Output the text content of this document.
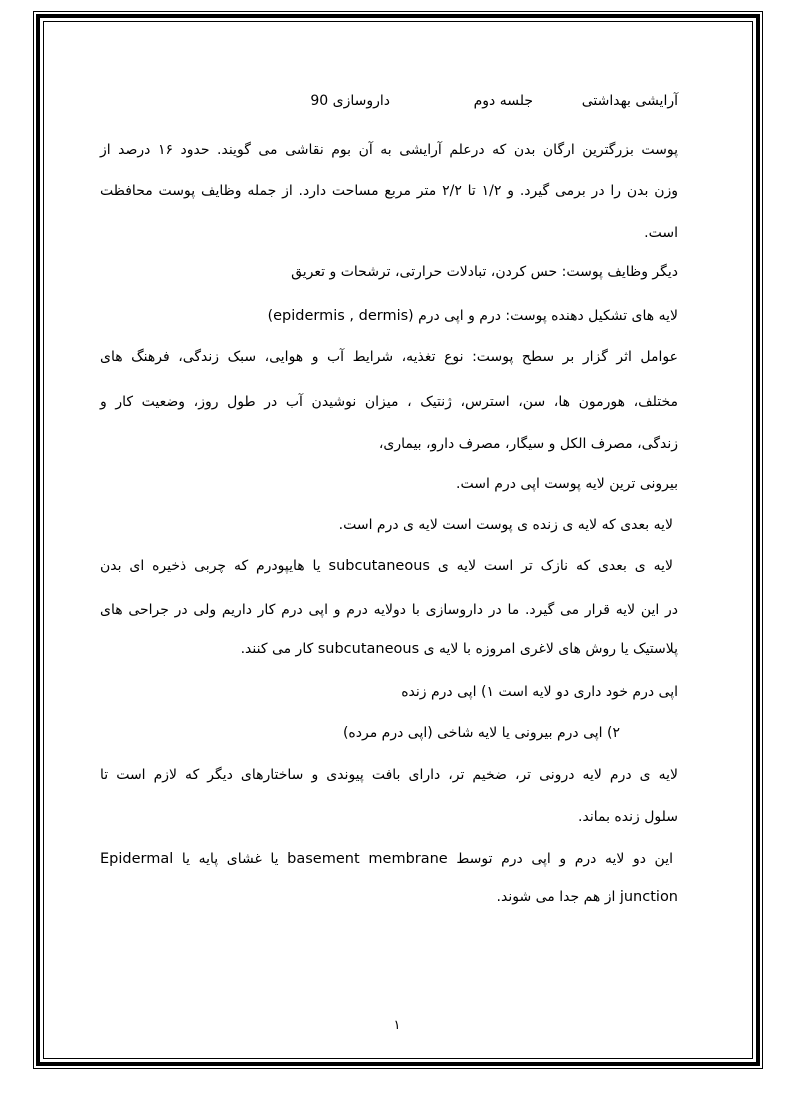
آرایشی بهداشتی
جلسه دوم
داروسازی 90
پوست بزرگترین ارگان بدن که درعلم آرایشی به آن بوم نقاشی می گویند. حدود ۱۶ درصد از
وزن بدن را در برمی گیرد. و ۱/۲ تا ۲/۲ متر مربع مساحت دارد. از جمله وظایف پوست محافظت
است.
دیگر وظایف پوست: حس کردن، تبادلات حرارتی، ترشحات و تعریق
لایه های تشکیل دهنده پوست: درم و اپی درم (epidermis , dermis)
عوامل اثر گزار بر سطح پوست: نوع تغذیه، شرایط آب و هوایی، سبک زندگی، فرهنگ های
مختلف، هورمون ها، سن، استرس، ژنتیک ، میزان نوشیدن آب در طول روز، وضعیت کار و
زندگی، مصرف الکل و سیگار، مصرف دارو، بیماری،
بیرونی ترین لایه پوست اپی درم است.
لایه بعدی که لایه ی زنده ی پوست است لایه ی درم است.
لایه ی بعدی که نازک تر است لایه ی subcutaneous یا هایپودرم که چربی ذخیره ای بدن
در این لایه قرار می گیرد. ما در داروسازی با دولایه درم و اپی درم کار داریم ولی در جراحی های
پلاستیک یا روش های لاغری امروزه با لایه ی subcutaneous کار می کنند.
اپی درم خود داری دو لایه است ۱) اپی درم زنده
۲) اپی درم بیرونی یا لایه شاخی (اپی درم مرده)
لایه ی درم لایه درونی تر، ضخیم تر، دارای بافت پیوندی و ساختارهای دیگر که لازم است تا
سلول زنده بماند.
این دو لایه درم و اپی درم توسط basement membrane یا غشای پایه یا Epidermal
junction از هم جدا می شوند.
۱
